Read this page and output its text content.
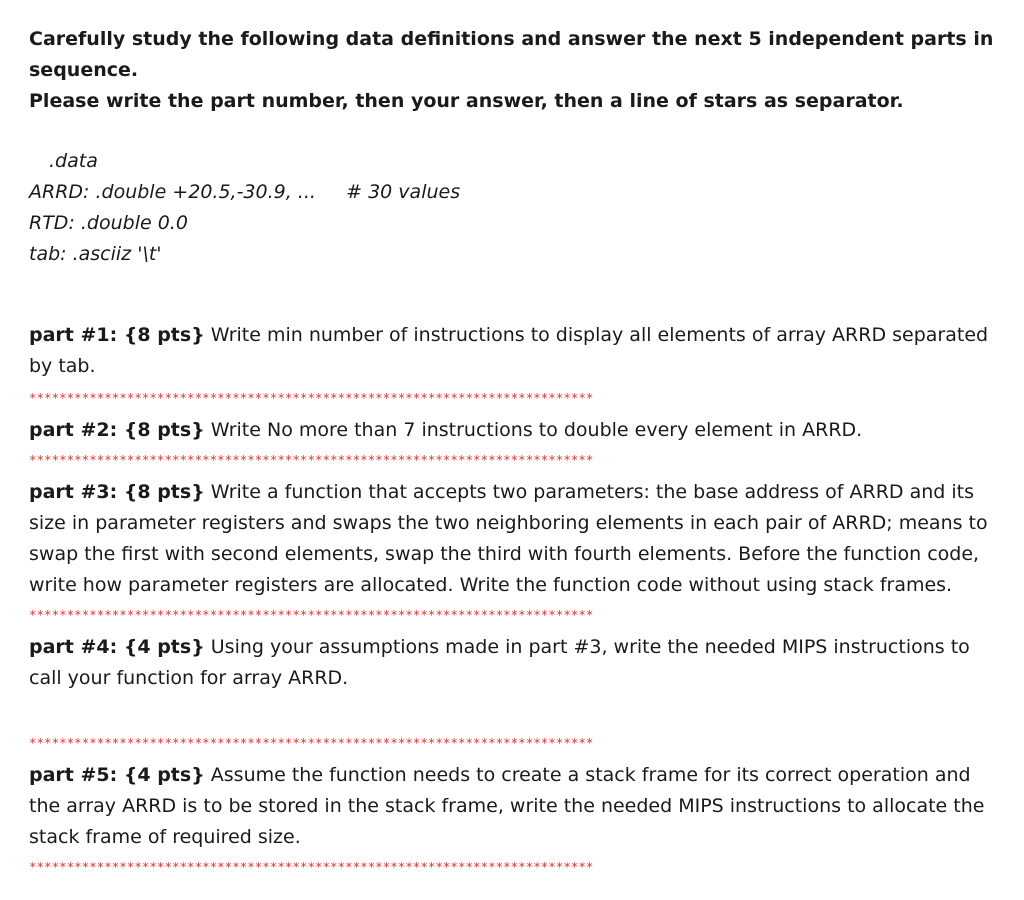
Carefully study the following data definitions and answer the next 5 independent parts in sequence.
Please write the part number, then your answer, then a line of stars as separator.

.data
ARRD: .double +20.5,-30.9, ...     # 30 values
RTD: .double 0.0
tab: .asciiz '\t'

part #1: {8 pts} Write min number of instructions to display all elements of array ARRD separated by tab.

***************************************************************************

part #2: {8 pts} Write No more than 7 instructions to double every element in ARRD.

***************************************************************************

part #3: {8 pts} Write a function that accepts two parameters: the base address of ARRD and its size in parameter registers and swaps the two neighboring elements in each pair of ARRD; means to swap the first with second elements, swap the third with fourth elements. Before the function code, write how parameter registers are allocated. Write the function code without using stack frames.

***************************************************************************

part #4: {4 pts} Using your assumptions made in part #3, write the needed MIPS instructions to call your function for array ARRD.

***************************************************************************

part #5: {4 pts} Assume the function needs to create a stack frame for its correct operation and the array ARRD is to be stored in the stack frame, write the needed MIPS instructions to allocate the stack frame of required size.

***************************************************************************
